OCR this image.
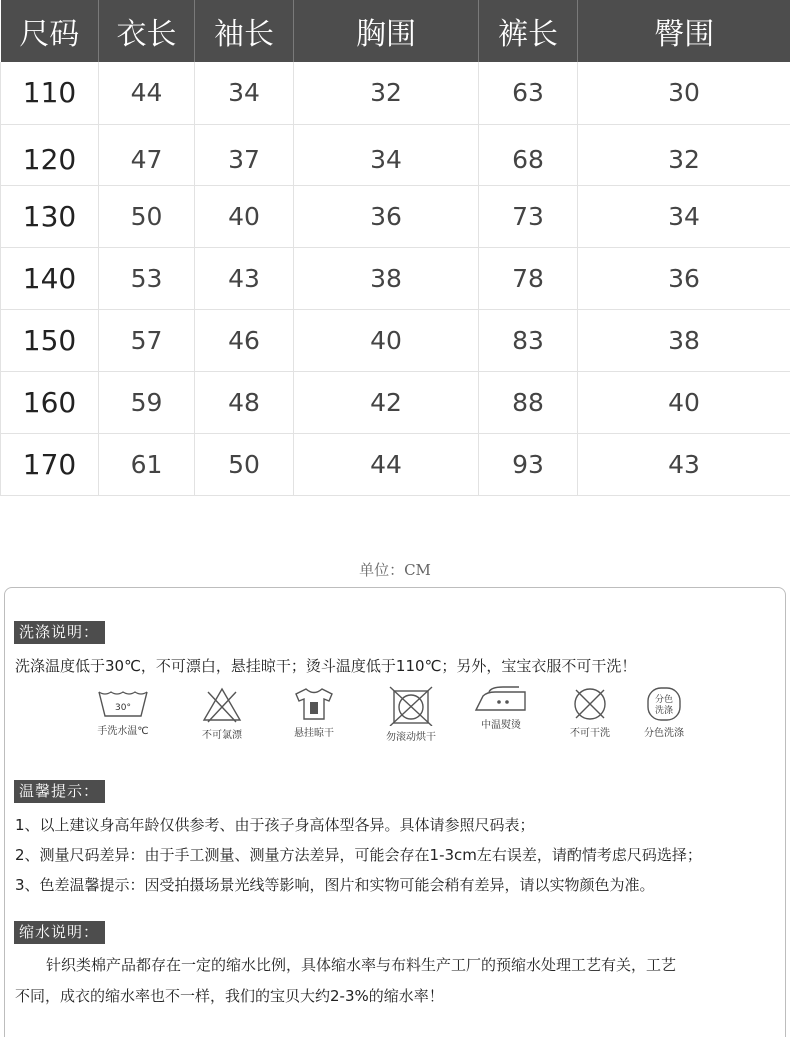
尺码	衣长	袖长	胸围	裤长	臀围
110	44	34	32	63	30
120	47	37	34	68	32
130	50	40	36	73	34
140	53	43	38	78	36
150	57	46	40	83	38
160	59	48	42	88	40
170	61	50	44	93	43
单位：CM
洗涤说明：
洗涤温度低于30℃，不可漂白，悬挂晾干；烫斗温度低于110℃；另外，宝宝衣服不可干洗！
30°
手洗水温℃	不可氯漂	悬挂晾干	勿滚动烘干
中温熨烫
不可干洗
分色
洗涤
分色洗涤
温馨提示：
1、以上建议身高年龄仅供参考、由于孩子身高体型各异。具体请参照尺码表；
2、测量尺码差异：由于手工测量、测量方法差异，可能会存在1-3cm左右误差，请酌情考虑尺码选择；
3、色差温馨提示：因受拍摄场景光线等影响，图片和实物可能会稍有差异，请以实物颜色为准。
缩水说明：
针织类棉产品都存在一定的缩水比例，具体缩水率与布料生产工厂的预缩水处理工艺有关，工艺
不同，成衣的缩水率也不一样，我们的宝贝大约2-3%的缩水率！
